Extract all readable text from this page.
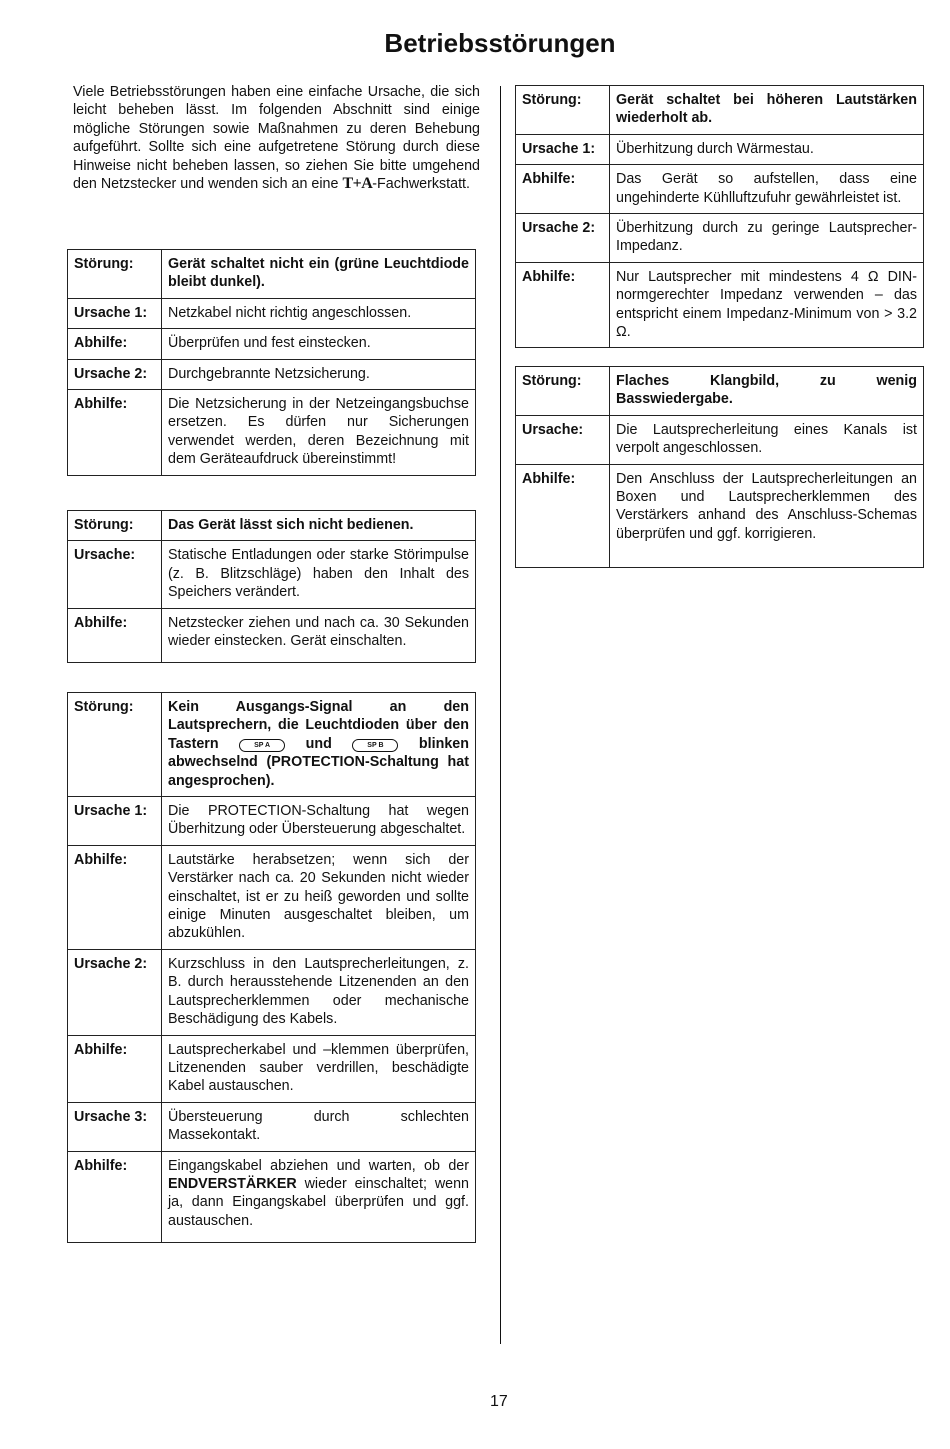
Betriebsstörungen
Viele Betriebsstörungen haben eine einfache Ursache, die sich leicht beheben lässt. Im folgenden Abschnitt sind einige mögliche Störungen sowie Maßnahmen zu deren Behebung aufgeführt. Sollte sich eine aufgetretene Störung durch diese Hinweise nicht beheben lassen, so ziehen Sie bitte umgehend den Netzstecker und wenden sich an eine T+A-Fachwerkstatt.
Störung:	Gerät schaltet nicht ein (grüne Leuchtdiode bleibt dunkel).
Ursache 1:	Netzkabel nicht richtig angeschlossen.
Abhilfe:	Überprüfen und fest einstecken.
Ursache 2:	Durchgebrannte Netzsicherung.
Abhilfe:	Die Netzsicherung in der Netzeingangsbuchse ersetzen. Es dürfen nur Sicherungen verwendet werden, deren Bezeichnung mit dem Geräteaufdruck übereinstimmt!
Störung:	Das Gerät lässt sich nicht bedienen.
Ursache:	Statische Entladungen oder starke Störimpulse (z. B. Blitzschläge) haben den Inhalt des Speichers verändert.
Abhilfe:	Netzstecker ziehen und nach ca. 30 Sekunden wieder einstecken. Gerät einschalten.
Störung:	Kein Ausgangs-Signal an den Lautsprechern, die Leuchtdioden über den Tastern SP A und SP B blinken abwechselnd (PROTECTION-Schaltung hat angesprochen).
Ursache 1:	Die PROTECTION-Schaltung hat wegen Überhitzung oder Übersteuerung abgeschaltet.
Abhilfe:	Lautstärke herabsetzen; wenn sich der Verstärker nach ca. 20 Sekunden nicht wieder einschaltet, ist er zu heiß geworden und sollte einige Minuten ausgeschaltet bleiben, um abzukühlen.
Ursache 2:	Kurzschluss in den Lautsprecherleitungen, z. B. durch herausstehende Litzenenden an den Lautsprecherklemmen oder mechanische Beschädigung des Kabels.
Abhilfe:	Lautsprecherkabel und –klemmen überprüfen, Litzenenden sauber verdrillen, beschädigte Kabel austauschen.
Ursache 3:	Übersteuerung durch schlechten Massekontakt.
Abhilfe:	Eingangskabel abziehen und warten, ob der ENDVERSTÄRKER wieder einschaltet; wenn ja, dann Eingangskabel überprüfen und ggf. austauschen.
Störung:	Gerät schaltet bei höheren Lautstärken wiederholt ab.
Ursache 1:	Überhitzung durch Wärmestau.
Abhilfe:	Das Gerät so aufstellen, dass eine ungehinderte Kühlluftzufuhr gewährleistet ist.
Ursache 2:	Überhitzung durch zu geringe Lautsprecher-Impedanz.
Abhilfe:	Nur Lautsprecher mit mindestens 4 Ω DIN-normgerechter Impedanz verwenden – das entspricht einem Impedanz-Minimum von > 3.2 Ω.
Störung:	Flaches Klangbild, zu wenig Basswiedergabe.
Ursache:	Die Lautsprecherleitung eines Kanals ist verpolt angeschlossen.
Abhilfe:	Den Anschluss der Lautsprecherleitungen an Boxen und Lautsprecherklemmen des Verstärkers anhand des Anschluss-Schemas überprüfen und ggf. korrigieren.
17
